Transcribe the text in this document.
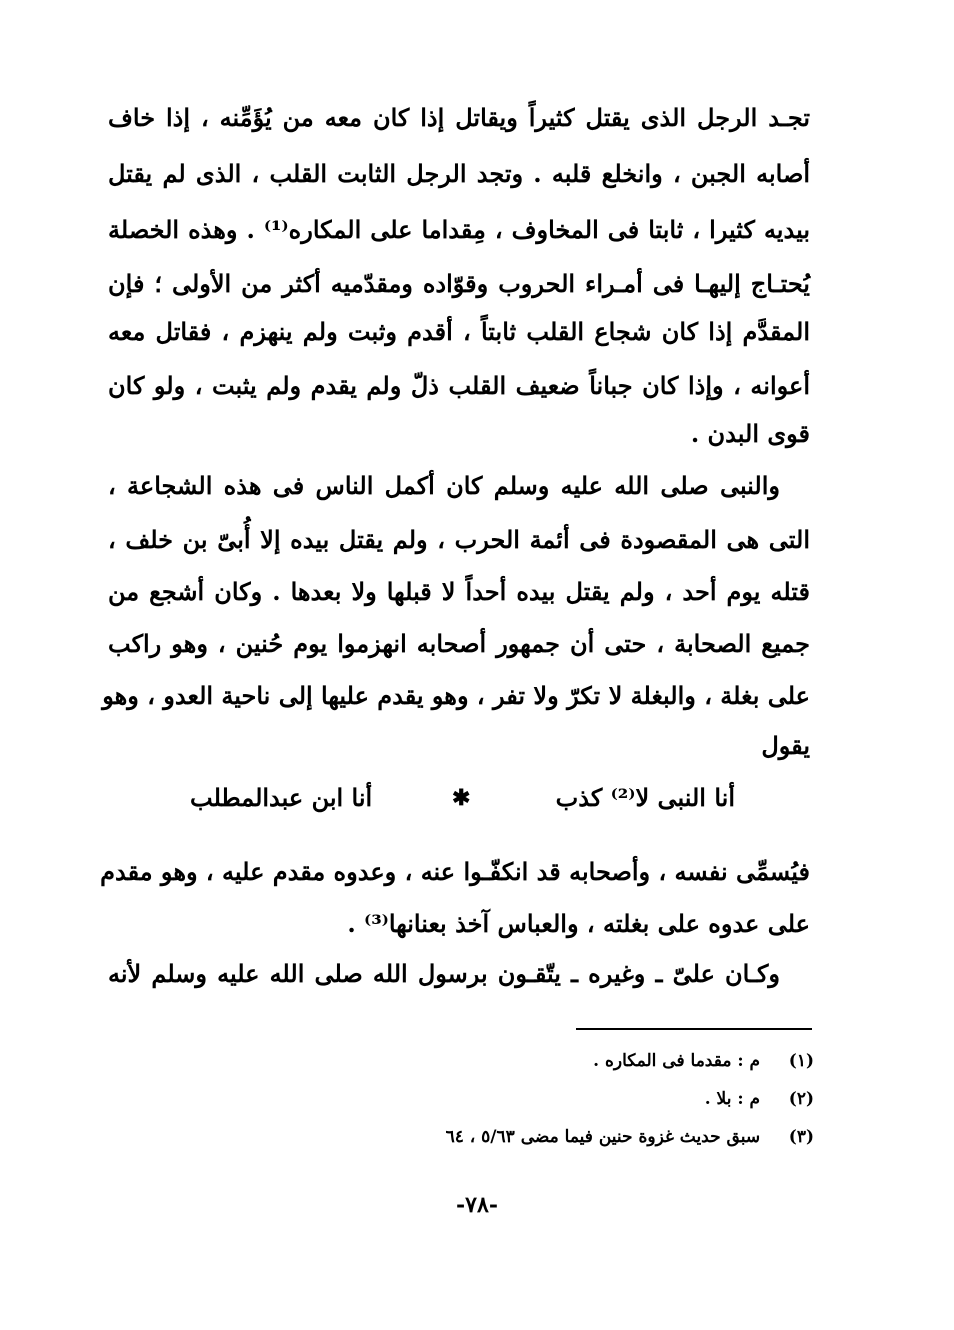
تجـد الرجل الذى يقتل كثيراً ويقاتل إذا كان معه من يُؤَمِّنه ، إذا خاف
أصابه الجبن ، وانخلع قلبه . وتجد الرجل الثابت القلب ، الذى لم يقتل
بيديه كثيرا ، ثابتا فى المخاوف ، مِقداما على المكاره⁽¹⁾ . وهذه الخصلة
يُحتـاج إليهـا فى أمـراء الحروب وقوّاده ومقدّميه أكثر من الأولى ؛ فإن
المقدَّم إذا كان شجاع القلب ثابتاً ، أقدم وثبت ولم ينهزم ، فقاتل معه
أعوانه ، وإذا كان جباناً ضعيف القلب ذلّ ولم يقدم ولم يثبت ، ولو كان
قوى البدن .
والنبى صلى الله عليه وسلم كان أكمل الناس فى هذه الشجاعة ،
التى هى المقصودة فى أئمة الحرب ، ولم يقتل بيده إلا أُبىّ بن خلف ،
قتله يوم أحد ، ولم يقتل بيده أحداً لا قبلها ولا بعدها . وكان أشجع من
جميع الصحابة ، حتى أن جمهور أصحابه انهزموا يوم حُنين ، وهو راكب
على بغلة ، والبغلة لا تكرّ ولا تفر ، وهو يقدم عليها إلى ناحية العدو ، وهو
يقول
أنا النبى لا⁽²⁾ كذب
✱
أنا ابن عبدالمطلب
فيُسمِّى نفسه ، وأصحابه قد انكفّـوا عنه ، وعدوه مقدم عليه ، وهو مقدم
على عدوه على بغلته ، والعباس آخذ بعنانها⁽³⁾ .
وكـان علىّ ـ وغيره ـ يتّقـون برسول الله صلى الله عليه وسلم لأنه
(١) م : مقدما فى المكاره .
(٢) م : بلا .
(٣) سبق حديث غزوة حنين فيما مضى ٥/٦٣ ، ٦٤
-٧٨-
